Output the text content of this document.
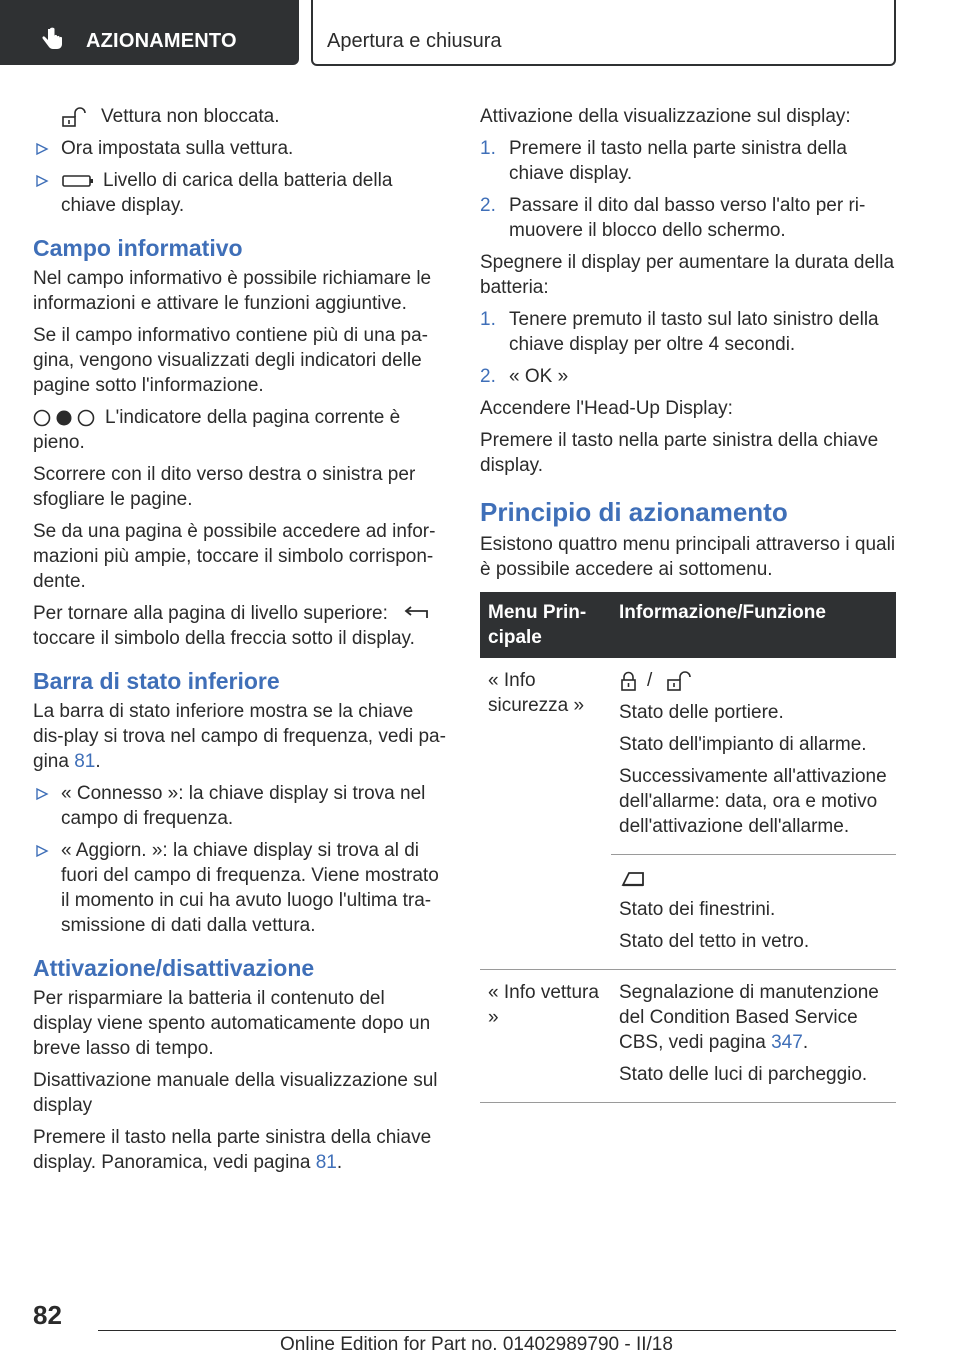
AZIONAMENTO	Apertura e chiusura

Vettura non bloccata.

Ora impostata sulla vettura.
Livello di carica della batteria della chiave display.
Campo informativo

Nel campo informativo è possibile richiamare le informazioni e attivare le funzioni aggiuntive.

Se il campo informativo contiene più di una pa-gina, vengono visualizzati degli indicatori delle pagine sotto l'informazione.

L'indicatore della pagina corrente è pieno.

Scorrere con il dito verso destra o sinistra per sfogliare le pagine.

Se da una pagina è possibile accedere ad infor-mazioni più ampie, toccare il simbolo corrispon-dente.

Per tornare alla pagina di livello superiore:
toccare il simbolo della freccia sotto il display.

Barra di stato inferiore

La barra di stato inferiore mostra se la chiave dis-play si trova nel campo di frequenza, vedi pa-gina 81.

« Connesso »: la chiave display si trova nel campo di frequenza.
« Aggiorn. »: la chiave display si trova al di fuori del campo di frequenza. Viene mostrato il momento in cui ha avuto luogo l'ultima tra-smissione di dati dalla vettura.
Attivazione/disattivazione

Per risparmiare la batteria il contenuto del display viene spento automaticamente dopo un breve lasso di tempo.

Disattivazione manuale della visualizzazione sul display

Premere il tasto nella parte sinistra della chiave display. Panoramica, vedi pagina 81.

Attivazione della visualizzazione sul display:

1. Premere il tasto nella parte sinistra della chiave display.
2. Passare il dito dal basso verso l'alto per ri-muovere il blocco dello schermo.

Spegnere il display per aumentare la durata della batteria:

1. Tenere premuto il tasto sul lato sinistro della chiave display per oltre 4 secondi.
2. « OK »

Accendere l'Head-Up Display:

Premere il tasto nella parte sinistra della chiave display.

Principio di azionamento

Esistono quattro menu principali attraverso i quali è possibile accedere ai sottomenu.

Menu Prin-cipale	Informazione/Funzione
« Info sicurezza »	/

Stato delle portiere.

Stato dell'impianto di allarme.

Successivamente all'attivazione dell'allarme: data, ora e motivo dell'attivazione dell'allarme.

	Stato dei finestrini.

Stato del tetto in vetro.

« Info vettura »	Segnalazione di manutenzione del Condition Based Service CBS, vedi pagina 347.

Stato delle luci di parcheggio.

82
Online Edition for Part no. 01402989790 - II/18
